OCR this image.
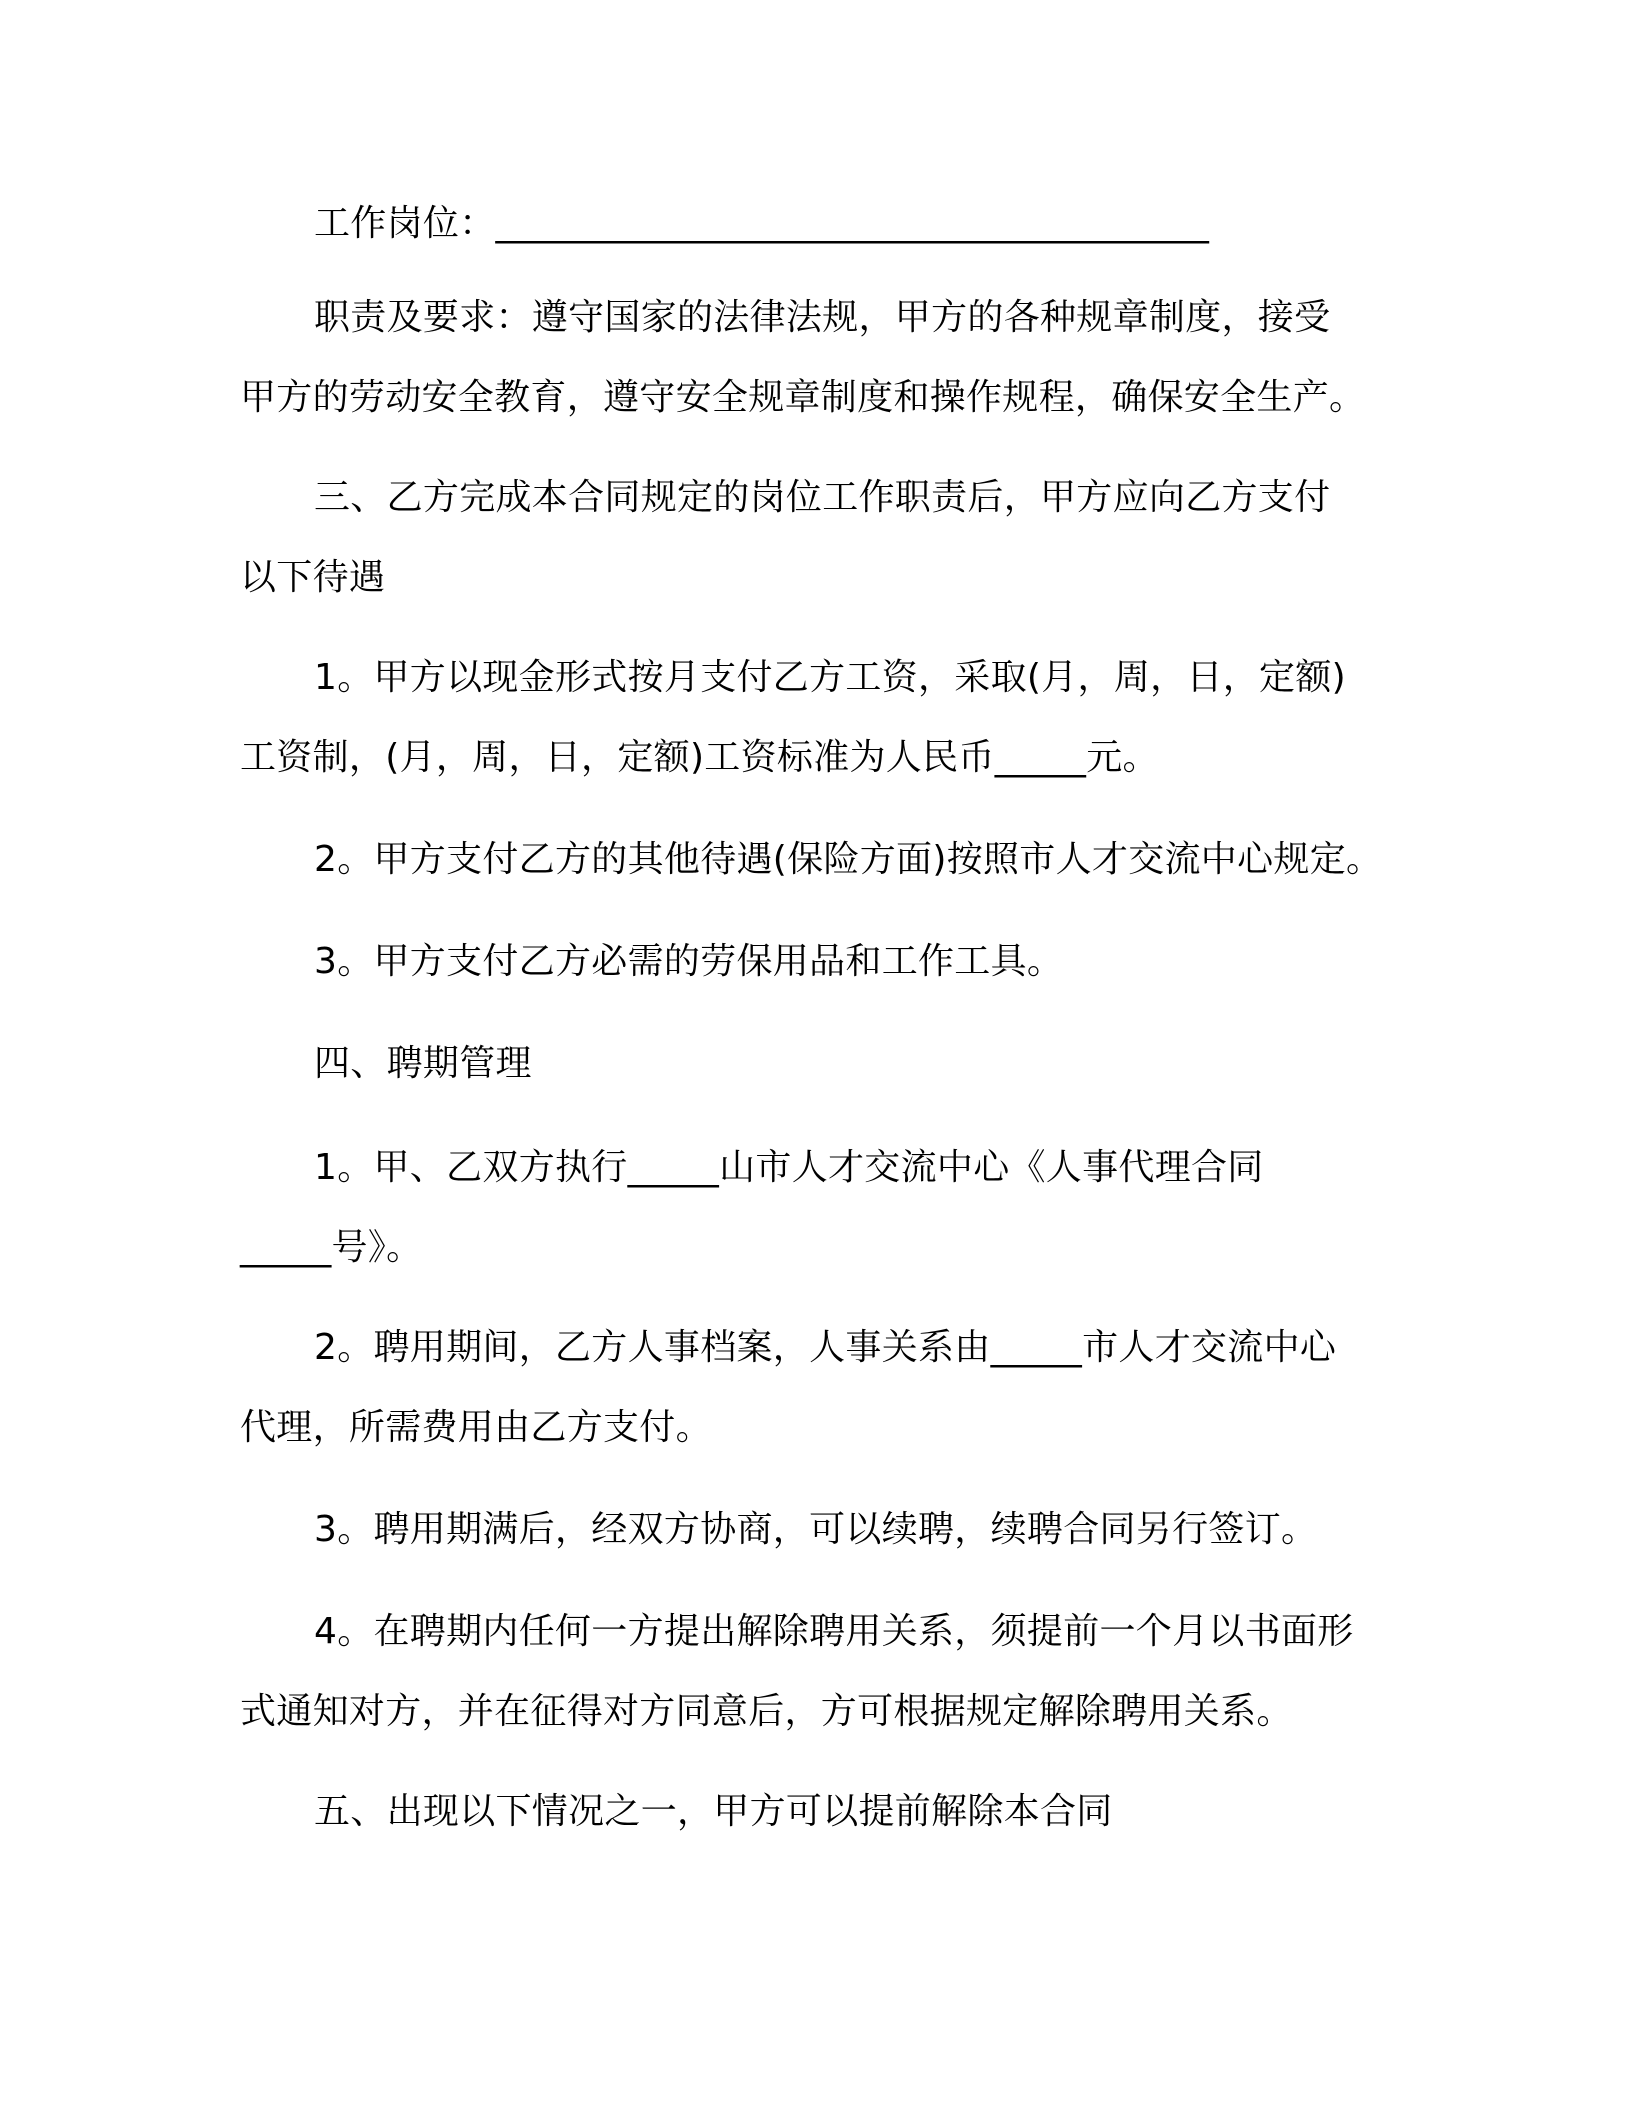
工作岗位：_______________________________________

职责及要求：遵守国家的法律法规，甲方的各种规章制度，接受

甲方的劳动安全教育，遵守安全规章制度和操作规程，确保安全生产。

三、乙方完成本合同规定的岗位工作职责后，甲方应向乙方支付

以下待遇

1。甲方以现金形式按月支付乙方工资，采取(月，周，日，定额)

工资制，(月，周，日，定额)工资标准为人民币_____元。

2。甲方支付乙方的其他待遇(保险方面)按照市人才交流中心规定。

3。甲方支付乙方必需的劳保用品和工作工具。

四、聘期管理

1。甲、乙双方执行_____山市人才交流中心《人事代理合同

_____号》。

2。聘用期间，乙方人事档案，人事关系由_____市人才交流中心

代理，所需费用由乙方支付。

3。聘用期满后，经双方协商，可以续聘，续聘合同另行签订。

4。在聘期内任何一方提出解除聘用关系，须提前一个月以书面形

式通知对方，并在征得对方同意后，方可根据规定解除聘用关系。

五、出现以下情况之一，甲方可以提前解除本合同
